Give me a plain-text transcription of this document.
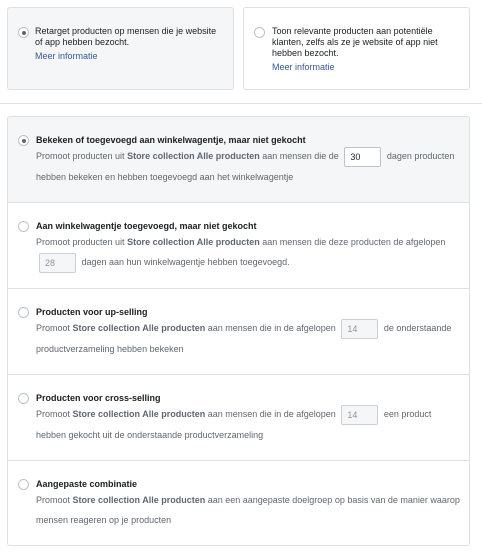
Retarget producten op mensen die je website of app hebben bezocht.
Meer informatie
Toon relevante producten aan potentiële klanten, zelfs als ze je website of app niet hebben bezocht.
Meer informatie
Bekeken of toegevoegd aan winkelwagentje, maar niet gekocht
Promoot producten uit Store collection Alle producten aan mensen die de 30	dagen producten hebben bekeken en hebben toegevoegd aan het winkelwagentje
Aan winkelwagentje toegevoegd, maar niet gekocht
Promoot producten uit Store collection Alle producten aan mensen die deze producten de afgelopen 28	dagen aan hun winkelwagentje hebben toegevoegd.
Producten voor up-selling
Promoot Store collection Alle producten aan mensen die in de afgelopen 14	de onderstaande productverzameling hebben bekeken
Producten voor cross-selling
Promoot Store collection Alle producten aan mensen die in de afgelopen 14	een product hebben gekocht uit de onderstaande productverzameling
Aangepaste combinatie
Promoot Store collection Alle producten aan een aangepaste doelgroep op basis van de manier waarop mensen reageren op je producten
